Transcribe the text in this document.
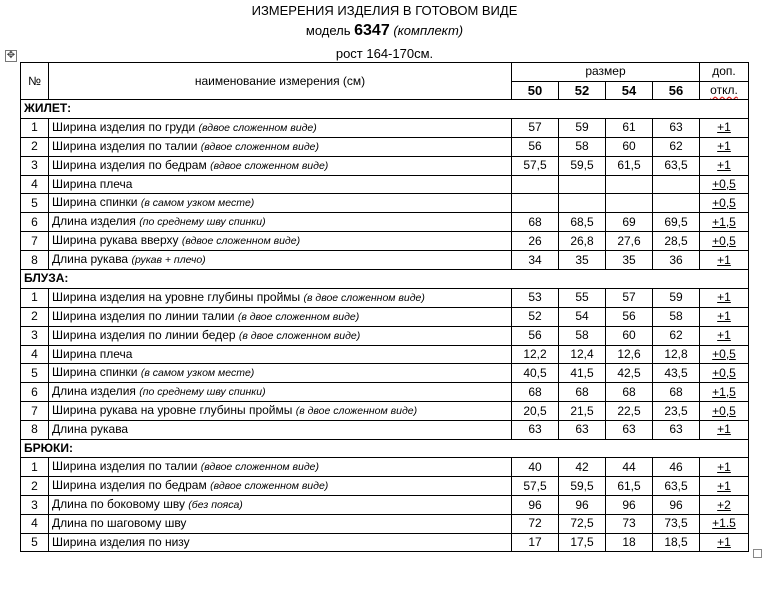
ИЗМЕРЕНИЯ ИЗДЕЛИЯ В ГОТОВОМ ВИДЕ
модель 6347 (комплект)
рост 164-170см.
✥
№	наименование измерения (см)	размер				доп.
		50	52	54	56	откл.
ЖИЛЕТ:						
1	Ширина изделия по груди (вдвое сложенном виде)	57	59	61	63	+1
2	Ширина изделия по талии (вдвое сложенном виде)	56	58	60	62	+1
3	Ширина изделия по бедрам (вдвое сложенном виде)	57,5	59,5	61,5	63,5	+1
4	Ширина плеча					+0,5
5	Ширина спинки (в самом узком месте)					+0,5
6	Длина изделия (по среднему шву спинки)	68	68,5	69	69,5	+1,5
7	Ширина рукава вверху (вдвое сложенном виде)	26	26,8	27,6	28,5	+0,5
8	Длина рукава (рукав + плечо)	34	35	35	36	+1
БЛУЗА:						
1	Ширина изделия на уровне глубины проймы (в двое сложенном виде)	53	55	57	59	+1
2	Ширина изделия по линии талии (в двое сложенном виде)	52	54	56	58	+1
3	Ширина изделия по линии бедер (в двое сложенном виде)	56	58	60	62	+1
4	Ширина плеча	12,2	12,4	12,6	12,8	+0,5
5	Ширина спинки (в самом узком месте)	40,5	41,5	42,5	43,5	+0,5
6	Длина изделия (по среднему шву спинки)	68	68	68	68	+1,5
7	Ширина рукава на уровне глубины проймы (в двое сложенном виде)	20,5	21,5	22,5	23,5	+0,5
8	Длина рукава	63	63	63	63	+1
БРЮКИ:						
1	Ширина изделия по талии (вдвое сложенном виде)	40	42	44	46	+1
2	Ширина изделия по бедрам (вдвое сложенном виде)	57,5	59,5	61,5	63,5	+1
3	Длина по боковому шву (без пояса)	96	96	96	96	+2
4	Длина по шаговому шву	72	72,5	73	73,5	+1.5
5	Ширина изделия по низу	17	17,5	18	18,5	+1
